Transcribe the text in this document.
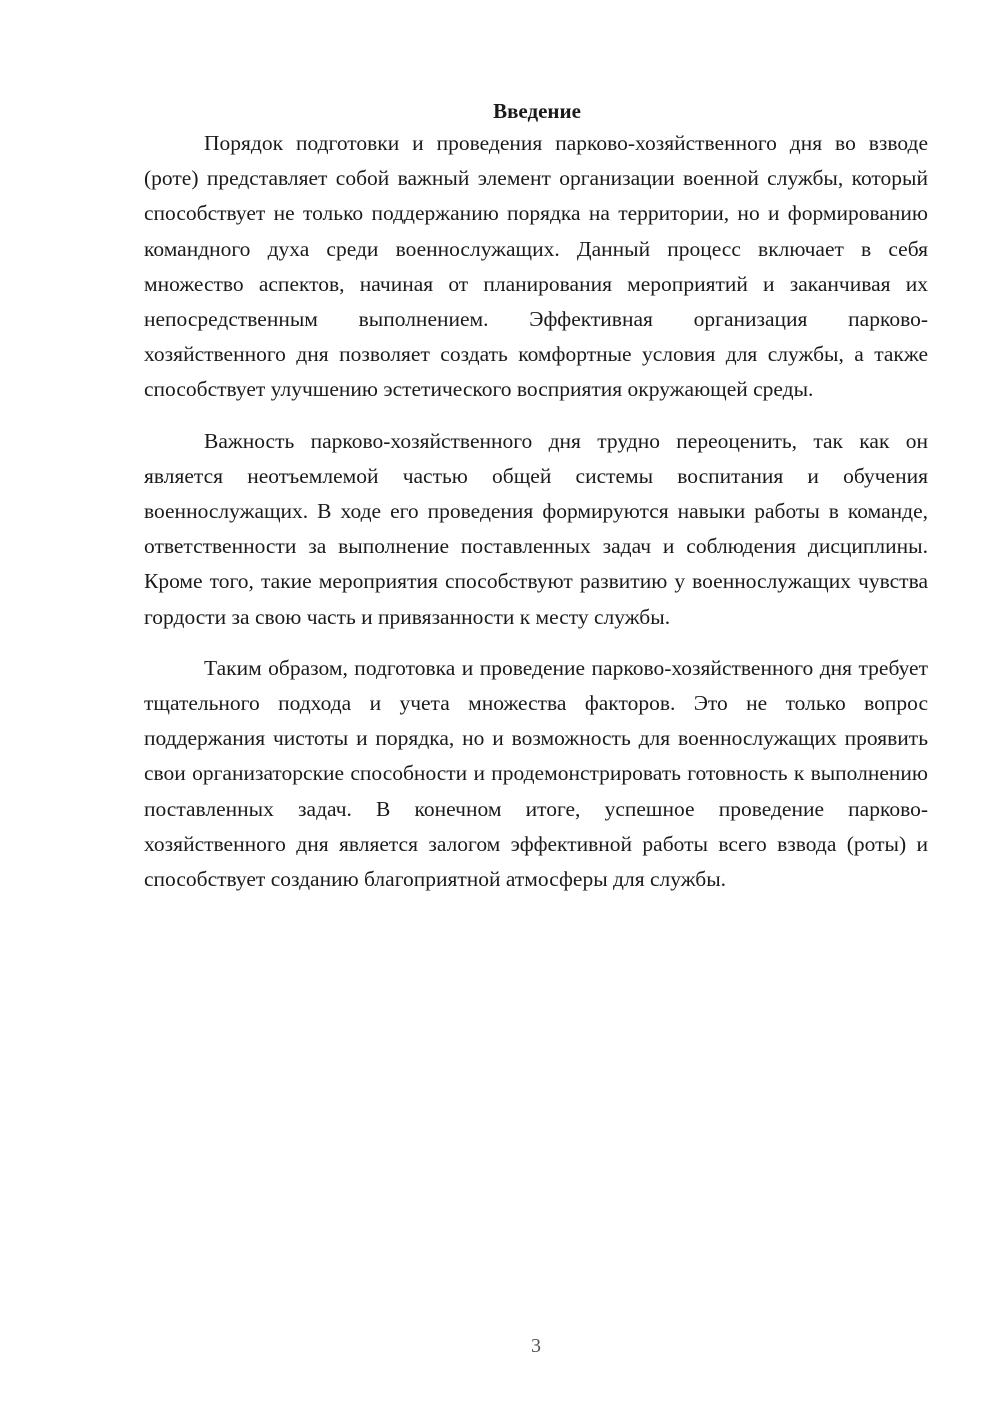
Введение

Порядок подготовки и проведения парково-хозяйственного дня во взводе (роте) представляет собой важный элемент организации военной службы, который способствует не только поддержанию порядка на территории, но и формированию командного духа среди военнослужащих. Данный процесс включает в себя множество аспектов, начиная от планирования мероприятий и заканчивая их непосредственным выполнением. Эффективная организация парково-хозяйственного дня позволяет создать комфортные условия для службы, а также способствует улучшению эстетического восприятия окружающей среды.

Важность парково-хозяйственного дня трудно переоценить, так как он является неотъемлемой частью общей системы воспитания и обучения военнослужащих. В ходе его проведения формируются навыки работы в команде, ответственности за выполнение поставленных задач и соблюдения дисциплины. Кроме того, такие мероприятия способствуют развитию у военнослужащих чувства гордости за свою часть и привязанности к месту службы.

Таким образом, подготовка и проведение парково-хозяйственного дня требует тщательного подхода и учета множества факторов. Это не только вопрос поддержания чистоты и порядка, но и возможность для военнослужащих проявить свои организаторские способности и продемонстрировать готовность к выполнению поставленных задач. В конечном итоге, успешное проведение парково-хозяйственного дня является залогом эффективной работы всего взвода (роты) и способствует созданию благоприятной атмосферы для службы.

3
